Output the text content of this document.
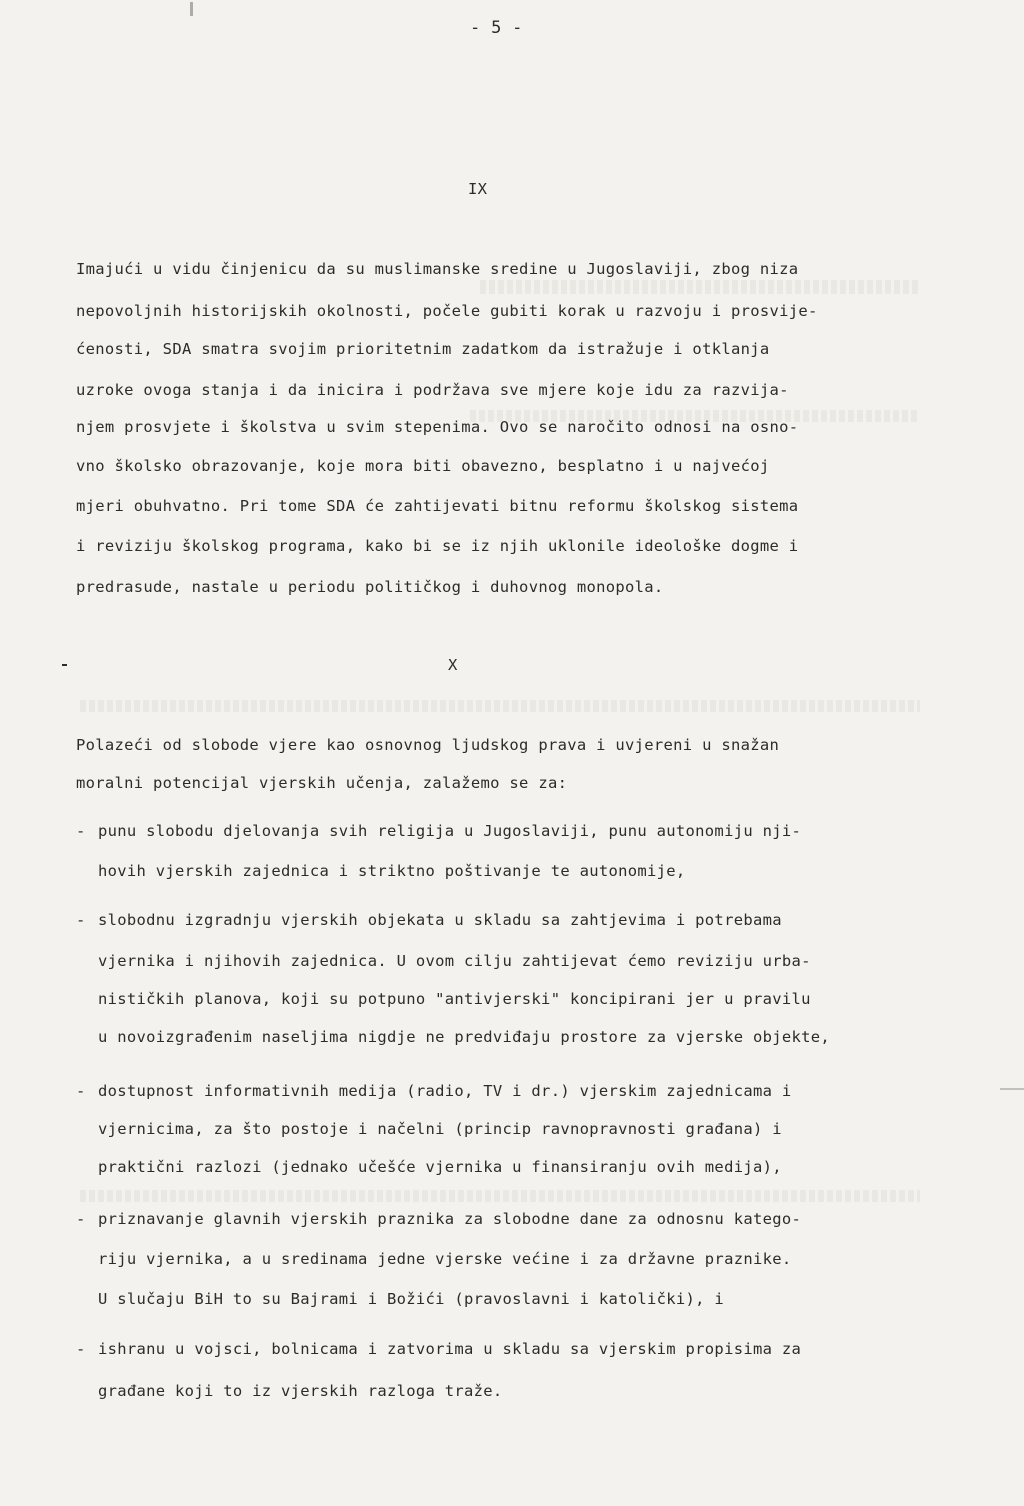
- 5 -
IX
Imajući u vidu činjenicu da su muslimanske sredine u Jugoslaviji, zbog niza
nepovoljnih historijskih okolnosti, počele gubiti korak u razvoju i prosvije-
ćenosti, SDA smatra svojim prioritetnim zadatkom da istražuje i otklanja
uzroke ovoga stanja i da inicira i podržava sve mjere koje idu za razvija-
njem prosvjete i školstva u svim stepenima. Ovo se naročito odnosi na osno-
vno školsko obrazovanje, koje mora biti obavezno, besplatno i u najvećoj
mjeri obuhvatno. Pri tome SDA će zahtijevati bitnu reformu školskog sistema
i reviziju školskog programa, kako bi se iz njih uklonile ideološke dogme i
predrasude, nastale u periodu političkog i duhovnog monopola.
X
Polazeći od slobode vjere kao osnovnog ljudskog prava i uvjereni u snažan
moralni potencijal vjerskih učenja, zalažemo se za:
- punu slobodu djelovanja svih religija u Jugoslaviji, punu autonomiju nji-
hovih vjerskih zajednica i striktno poštivanje te autonomije,
- slobodnu izgradnju vjerskih objekata u skladu sa zahtjevima i potrebama
vjernika i njihovih zajednica. U ovom cilju zahtijevat ćemo reviziju urba-
nističkih planova, koji su potpuno "antivjerski" koncipirani jer u pravilu
u novoizgrađenim naseljima nigdje ne predviđaju prostore za vjerske objekte,
- dostupnost informativnih medija (radio, TV i dr.) vjerskim zajednicama i
vjernicima, za što postoje i načelni (princip ravnopravnosti građana) i
praktični razlozi (jednako učešće vjernika u finansiranju ovih medija),
- priznavanje glavnih vjerskih praznika za slobodne dane za odnosnu katego-
riju vjernika, a u sredinama jedne vjerske većine i za državne praznike.
U slučaju BiH to su Bajrami i Božići (pravoslavni i katolički), i
- ishranu u vojsci, bolnicama i zatvorima u skladu sa vjerskim propisima za
građane koji to iz vjerskih razloga traže.
